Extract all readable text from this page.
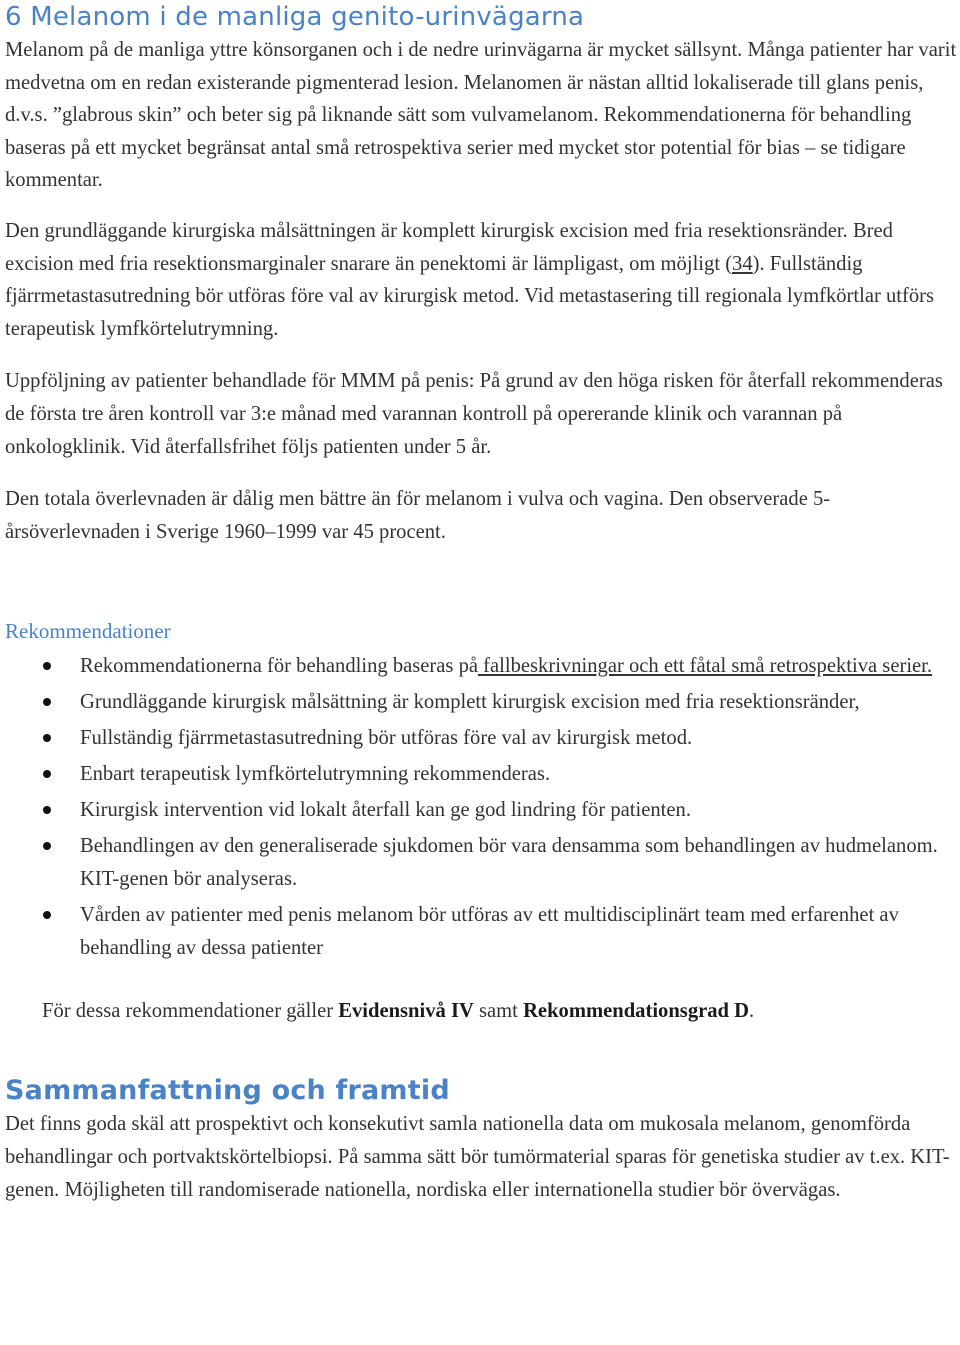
6 Melanom i de manliga genito-urinvägarna

Melanom på de manliga yttre könsorganen och i de nedre urinvägarna är mycket sällsynt. Många patienter har varit medvetna om en redan existerande pigmenterad lesion. Melanomen är nästan alltid lokaliserade till glans penis, d.v.s. ”glabrous skin” och beter sig på liknande sätt som vulvamelanom. Rekommendationerna för behandling baseras på ett mycket begränsat antal små retrospektiva serier med mycket stor potential för bias – se tidigare kommentar.

Den grundläggande kirurgiska målsättningen är komplett kirurgisk excision med fria resektionsränder. Bred excision med fria resektionsmarginaler snarare än penektomi är lämpligast, om möjligt (34). Fullständig fjärrmetastasutredning bör utföras före val av kirurgisk metod. Vid metastasering till regionala lymfkörtlar utförs terapeutisk lymfkörtelutrymning.

Uppföljning av patienter behandlade för MMM på penis: På grund av den höga risken för återfall rekommenderas de första tre åren kontroll var 3:e månad med varannan kontroll på opererande klinik och varannan på onkologklinik. Vid återfallsfrihet följs patienten under 5 år.

Den totala överlevnaden är dålig men bättre än för melanom i vulva och vagina. Den observerade 5-årsöverlevnaden i Sverige 1960–1999 var 45 procent.

Rekommendationer
Rekommendationerna för behandling baseras på fallbeskrivningar och ett fåtal små retrospektiva serier.
Grundläggande kirurgisk målsättning är komplett kirurgisk excision med fria resektionsränder,
Fullständig fjärrmetastasutredning bör utföras före val av kirurgisk metod.
Enbart terapeutisk lymfkörtelutrymning rekommenderas.
Kirurgisk intervention vid lokalt återfall kan ge god lindring för patienten.
Behandlingen av den generaliserade sjukdomen bör vara densamma som behandlingen av hudmelanom. KIT-genen bör analyseras.
Vården av patienter med penis melanom bör utföras av ett multidisciplinärt team med erfarenhet av behandling av dessa patienter

För dessa rekommendationer gäller Evidensnivå IV samt Rekommendationsgrad D.

Sammanfattning och framtid

Det finns goda skäl att prospektivt och konsekutivt samla nationella data om mukosala melanom, genomförda behandlingar och portvaktskörtelbiopsi. På samma sätt bör tumörmaterial sparas för genetiska studier av t.ex. KIT-genen. Möjligheten till randomiserade nationella, nordiska eller internationella studier bör övervägas.
